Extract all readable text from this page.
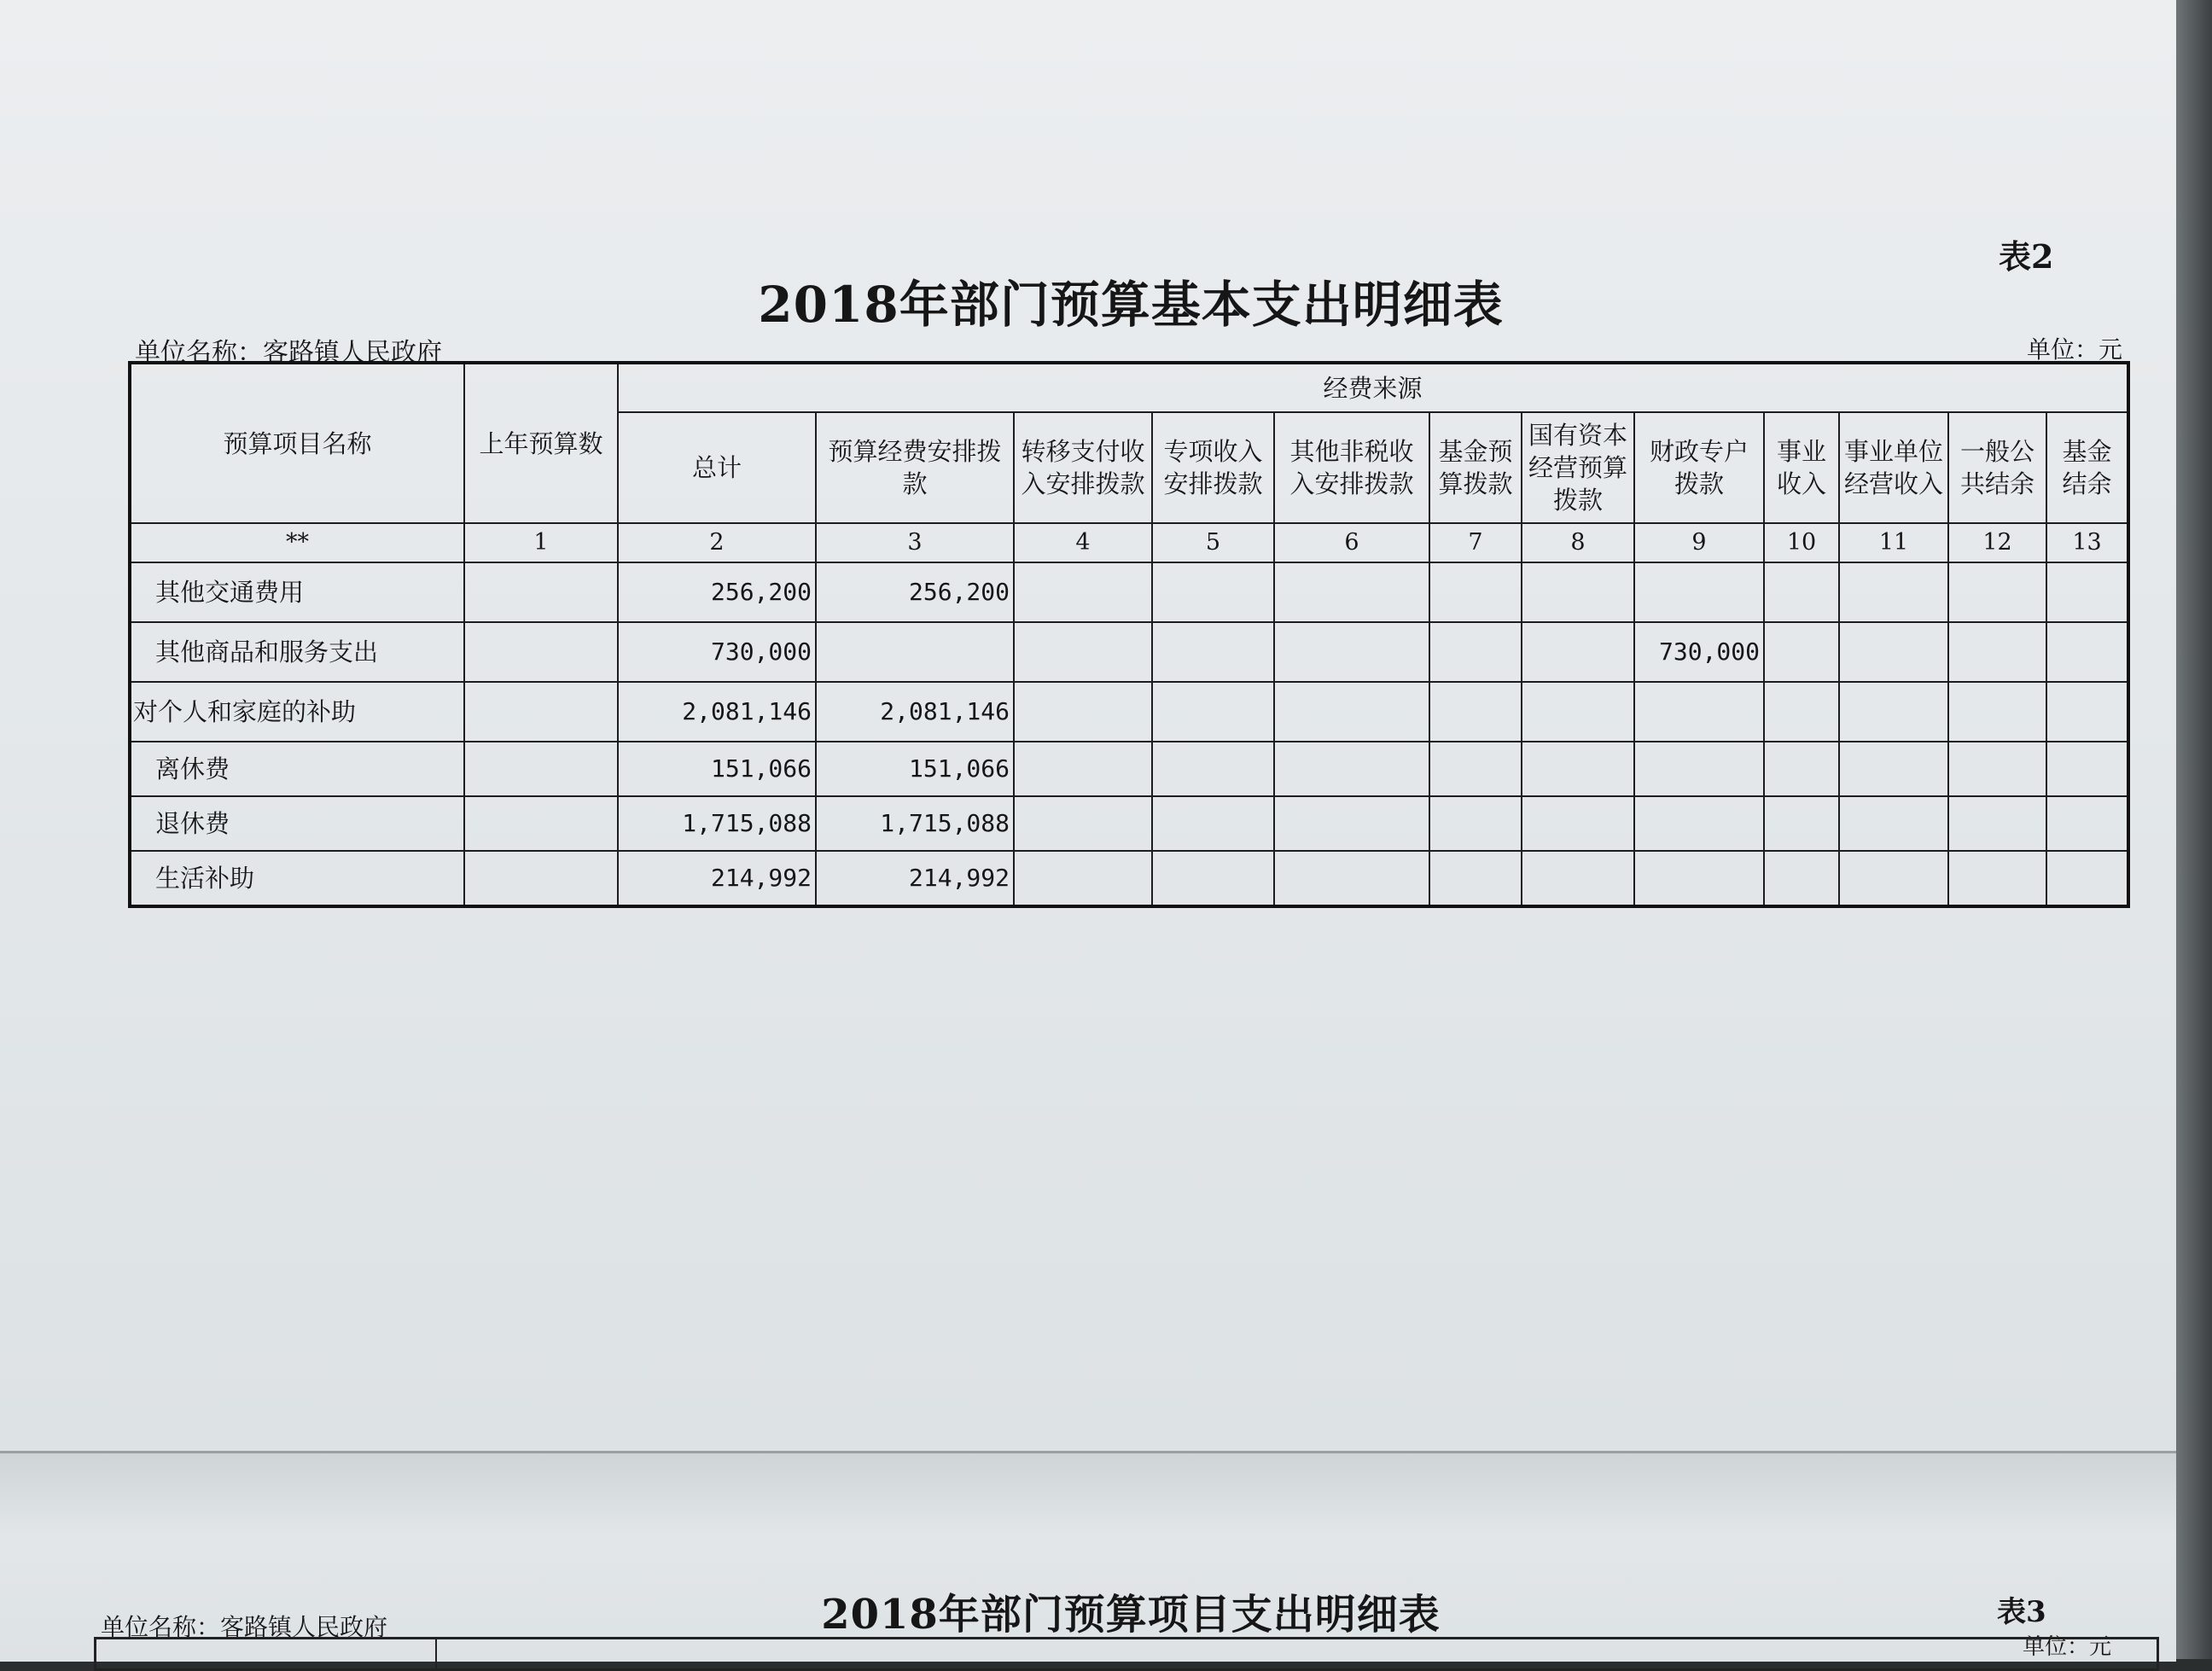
表2
2018年部门预算基本支出明细表
单位名称：客路镇人民政府	单位：元
预算项目名称	上年预算数	经费来源											
		总计	预算经费安排拨款	转移支付收入安排拨款	专项收入安排拨款	其他非税收入安排拨款	基金预算拨款	国有资本经营预算拨款	财政专户拨款	事业收入	事业单位经营收入	一般公共结余	基金结余
**	1	2	3	4	5	6	7	8	9	10	11	12	13
其他交通费用		256,200	256,200										
其他商品和服务支出		730,000							730,000				
对个人和家庭的补助		2,081,146	2,081,146										
离休费		151,066	151,066										
退休费		1,715,088	1,715,088										
生活补助		214,992	214,992										
2018年部门预算项目支出明细表	表3
单位名称：客路镇人民政府
单位：元
